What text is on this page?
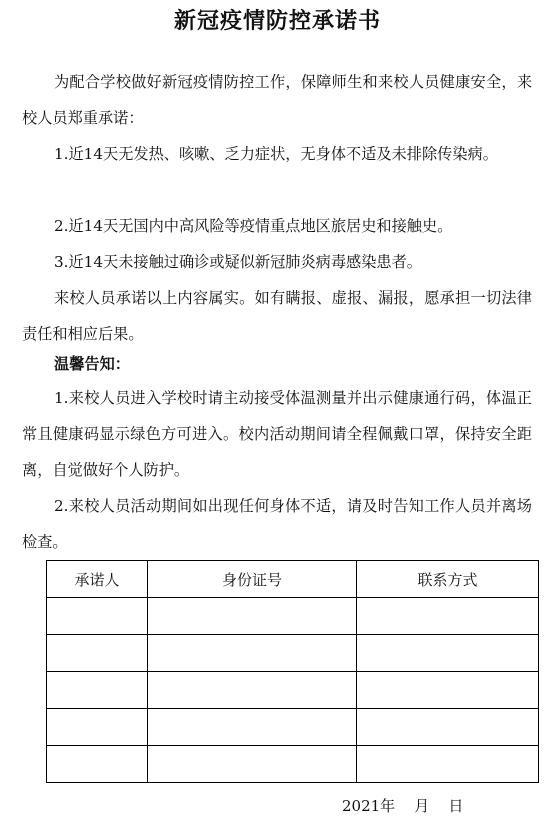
新冠疫情防控承诺书

为配合学校做好新冠疫情防控工作，保障师生和来校人员健康安全，来校人员郑重承诺：

1.近14天无发热、咳嗽、乏力症状，无身体不适及未排除传染病。

2.近14天无国内中高风险等疫情重点地区旅居史和接触史。

3.近14天未接触过确诊或疑似新冠肺炎病毒感染患者。

来校人员承诺以上内容属实。如有瞒报、虚报、漏报，愿承担一切法律责任和相应后果。

温馨告知：

1.来校人员进入学校时请主动接受体温测量并出示健康通行码，体温正常且健康码显示绿色方可进入。校内活动期间请全程佩戴口罩，保持安全距离，自觉做好个人防护。

2.来校人员活动期间如出现任何身体不适，请及时告知工作人员并离场检查。

承诺人	身份证号	联系方式

2021年    月    日
